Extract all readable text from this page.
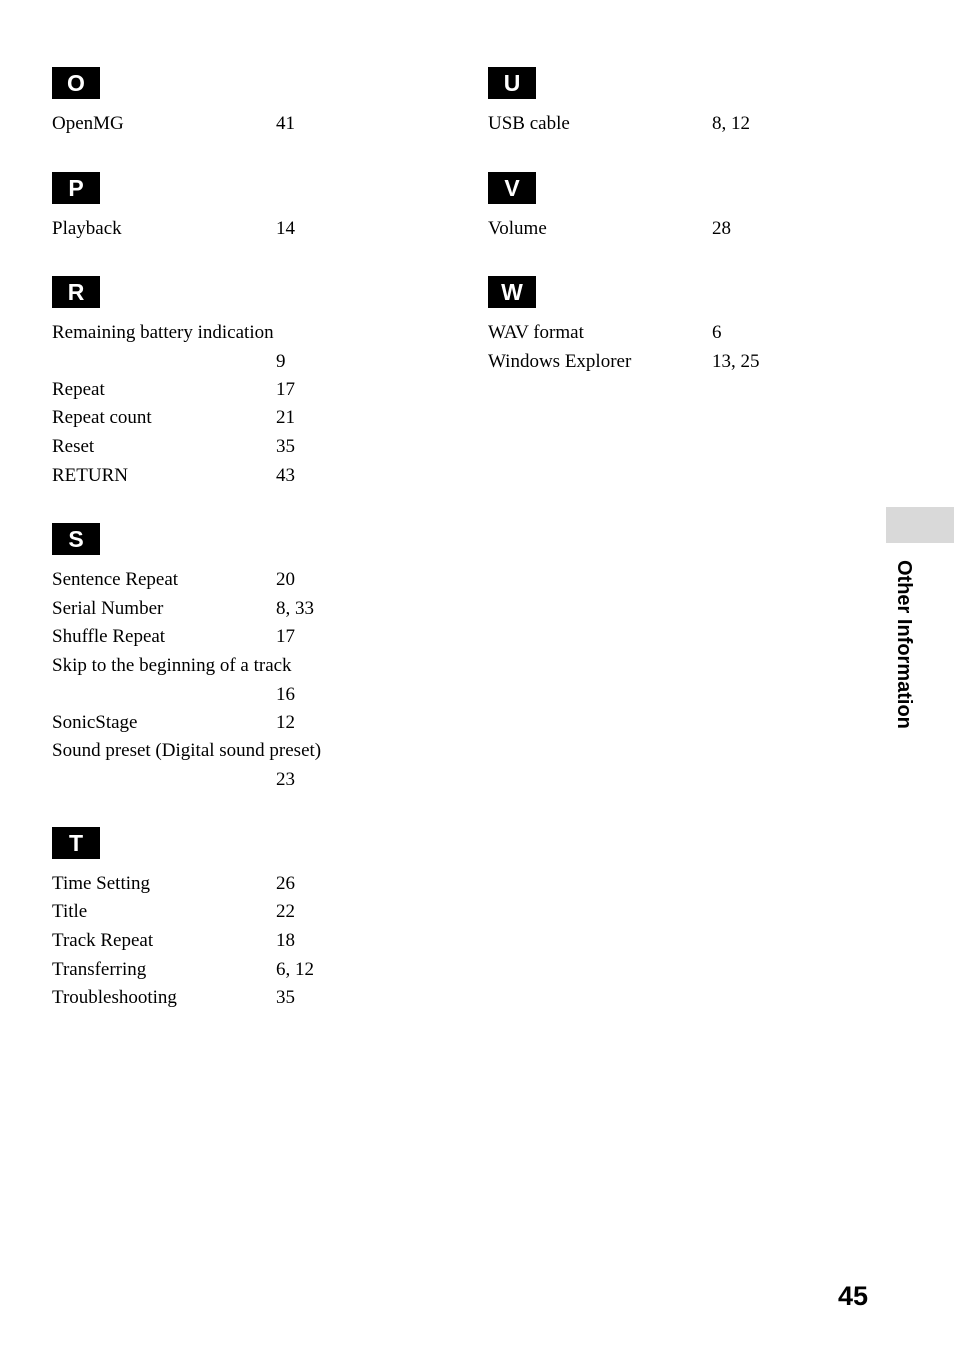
O
OpenMG	41
P
Playback	14
R
Remaining battery indication
9
Repeat	17
Repeat count	21
Reset	35
RETURN	43
S
Sentence Repeat	20
Serial Number	8, 33
Shuffle Repeat	17
Skip to the beginning of a track
16
SonicStage	12
Sound preset (Digital sound preset)
23
T
Time Setting	26
Title	22
Track Repeat	18
Transferring	6, 12
Troubleshooting	35
U
USB cable	8, 12
V
Volume	28
W
WAV format	6
Windows Explorer	13, 25
Other Information
45
